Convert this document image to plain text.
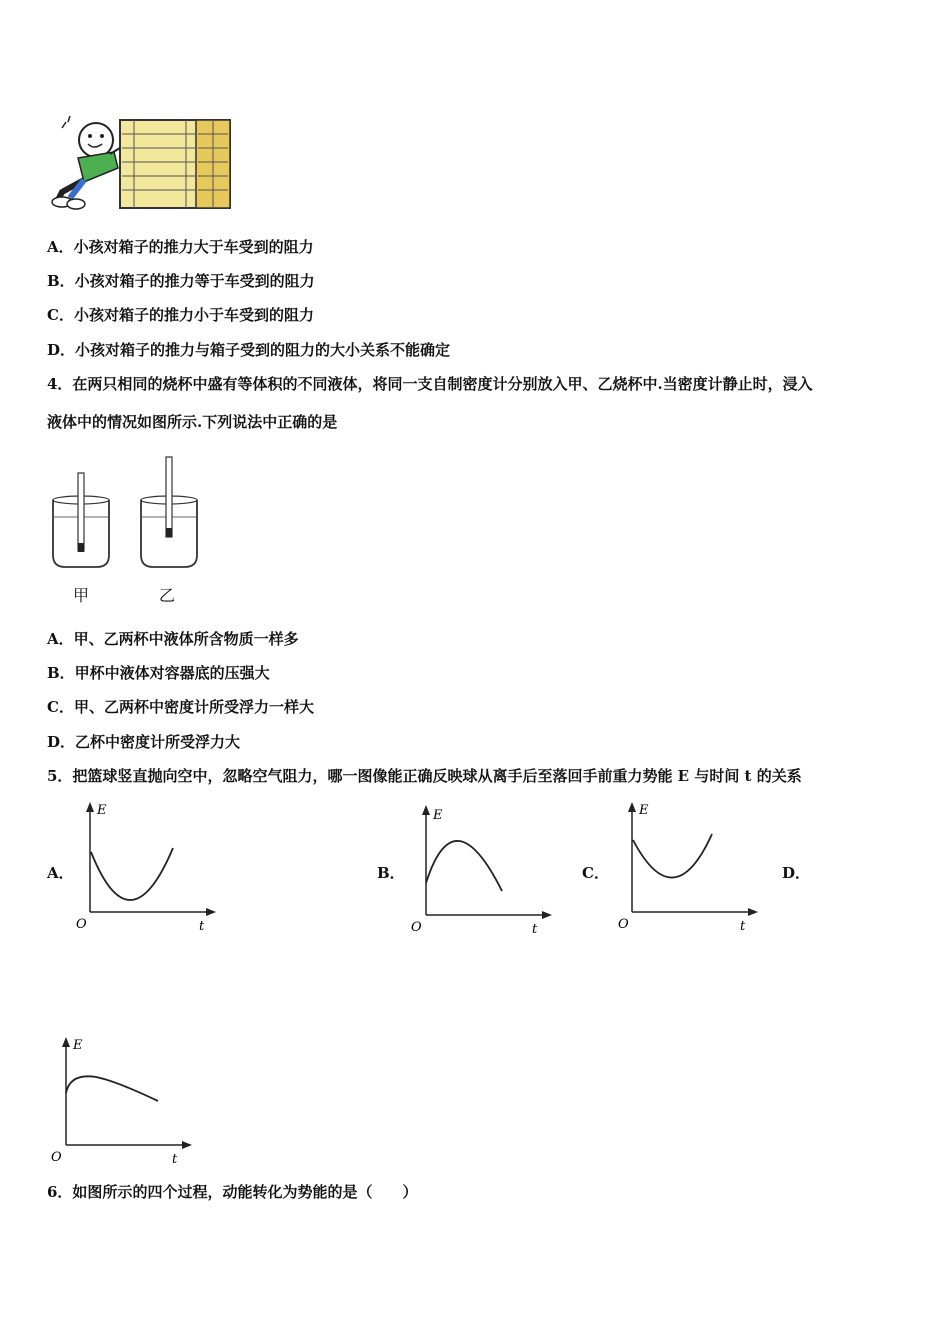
A．小孩对箱子的推力大于车受到的阻力
B．小孩对箱子的推力等于车受到的阻力
C．小孩对箱子的推力小于车受到的阻力
D．小孩对箱子的推力与箱子受到的阻力的大小关系不能确定
4．在两只相同的烧杯中盛有等体积的不同液体，将同一支自制密度计分别放入甲、乙烧杯中.当密度计静止时，浸入
液体中的情况如图所示.下列说法中正确的是
甲	乙
A．甲、乙两杯中液体所含物质一样多
B．甲杯中液体对容器底的压强大
C．甲、乙两杯中密度计所受浮力一样大
D．乙杯中密度计所受浮力大
5．把篮球竖直抛向空中，忽略空气阻力，哪一图像能正确反映球从离手后至落回手前重力势能 E 与时间 t 的关系
A．	B．	C．	D．
E
O	t
E
O	t
E
O	t
E
O	t
6．如图所示的四个过程，动能转化为势能的是（　　）
